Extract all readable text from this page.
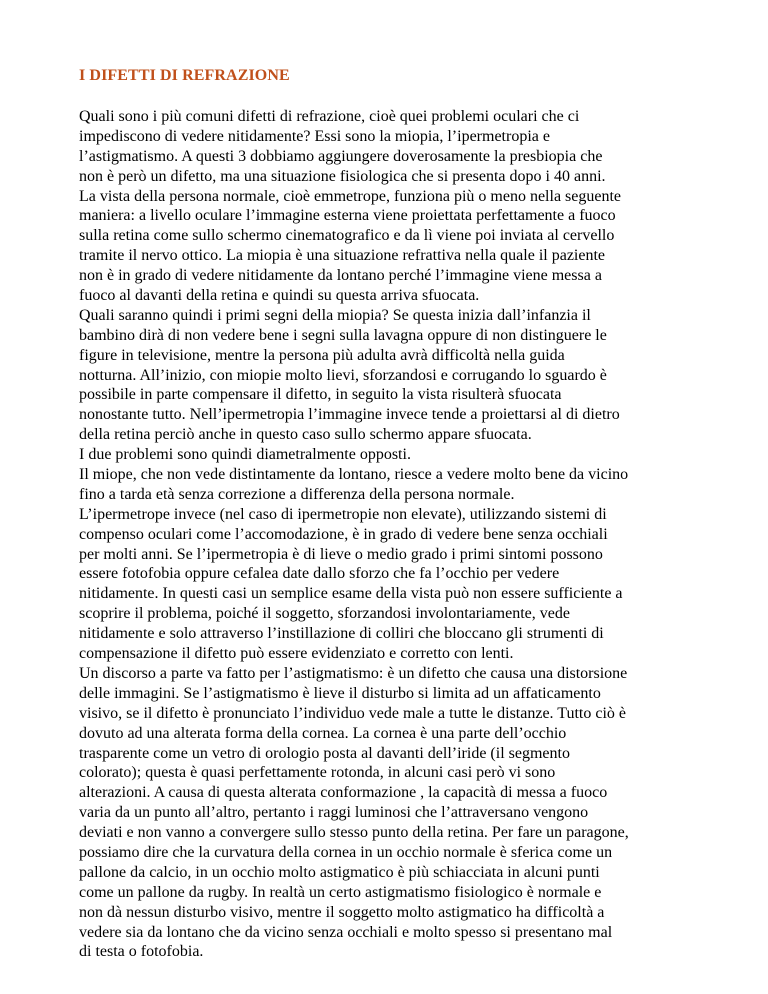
I DIFETTI DI REFRAZIONE
Quali sono i più comuni difetti di refrazione, cioè quei problemi oculari che ci
impediscono di vedere nitidamente? Essi sono la miopia, l’ipermetropia e
l’astigmatismo. A questi 3 dobbiamo aggiungere doverosamente la presbiopia che
non è però un difetto, ma una situazione fisiologica che si presenta dopo i 40 anni.
La vista della persona normale, cioè emmetrope, funziona più o meno nella seguente
maniera: a livello oculare l’immagine esterna viene proiettata perfettamente a fuoco
sulla retina come sullo schermo cinematografico e da lì viene poi inviata al cervello
tramite il nervo ottico. La miopia è una situazione refrattiva nella quale il paziente
non è in grado di vedere nitidamente da lontano perché l’immagine viene messa a
fuoco al davanti della retina e quindi su questa arriva sfuocata.
Quali saranno quindi i primi segni della miopia? Se questa inizia dall’infanzia il
bambino dirà di non vedere bene i segni sulla lavagna oppure di non distinguere le
figure in televisione, mentre la persona più adulta avrà difficoltà nella guida
notturna. All’inizio, con miopie molto lievi, sforzandosi e corrugando lo sguardo è
possibile in parte compensare il difetto, in seguito la vista risulterà sfuocata
nonostante tutto. Nell’ipermetropia l’immagine invece tende a proiettarsi al di dietro
della retina perciò anche in questo caso sullo schermo appare sfuocata.
I due problemi sono quindi diametralmente opposti.
Il miope, che non vede distintamente da lontano, riesce a vedere molto bene da vicino
fino a tarda età senza correzione a differenza della persona normale.
L’ipermetrope invece (nel caso di ipermetropie non elevate), utilizzando sistemi di
compenso oculari come l’accomodazione, è in grado di vedere bene senza occhiali
per molti anni. Se l’ipermetropia è di lieve o medio grado i primi sintomi possono
essere fotofobia oppure cefalea date dallo sforzo che fa l’occhio per vedere
nitidamente. In questi casi un semplice esame della vista può non essere sufficiente a
scoprire il problema, poiché il soggetto, sforzandosi involontariamente, vede
nitidamente e solo attraverso l’instillazione di colliri che bloccano gli strumenti di
compensazione il difetto può essere evidenziato e corretto con lenti.
Un discorso a parte va fatto per l’astigmatismo: è un difetto che causa una distorsione
delle immagini. Se l’astigmatismo è lieve il disturbo si limita ad un affaticamento
visivo, se il difetto è pronunciato l’individuo vede male a tutte le distanze. Tutto ciò è
dovuto ad una alterata forma della cornea. La cornea è una parte dell’occhio
trasparente come un vetro di orologio posta al davanti dell’iride (il segmento
colorato); questa è quasi perfettamente rotonda, in alcuni casi però vi sono
alterazioni. A causa di questa alterata conformazione , la capacità di messa a fuoco
varia da un punto all’altro, pertanto i raggi luminosi che l’attraversano vengono
deviati e non vanno a convergere sullo stesso punto della retina. Per fare un paragone,
possiamo dire che la curvatura della cornea in un occhio normale è sferica come un
pallone da calcio, in un occhio molto astigmatico è più schiacciata in alcuni punti
come un pallone da rugby. In realtà un certo astigmatismo fisiologico è normale e
non dà nessun disturbo visivo, mentre il soggetto molto astigmatico ha difficoltà a
vedere sia da lontano che da vicino senza occhiali e molto spesso si presentano mal
di testa o fotofobia.
